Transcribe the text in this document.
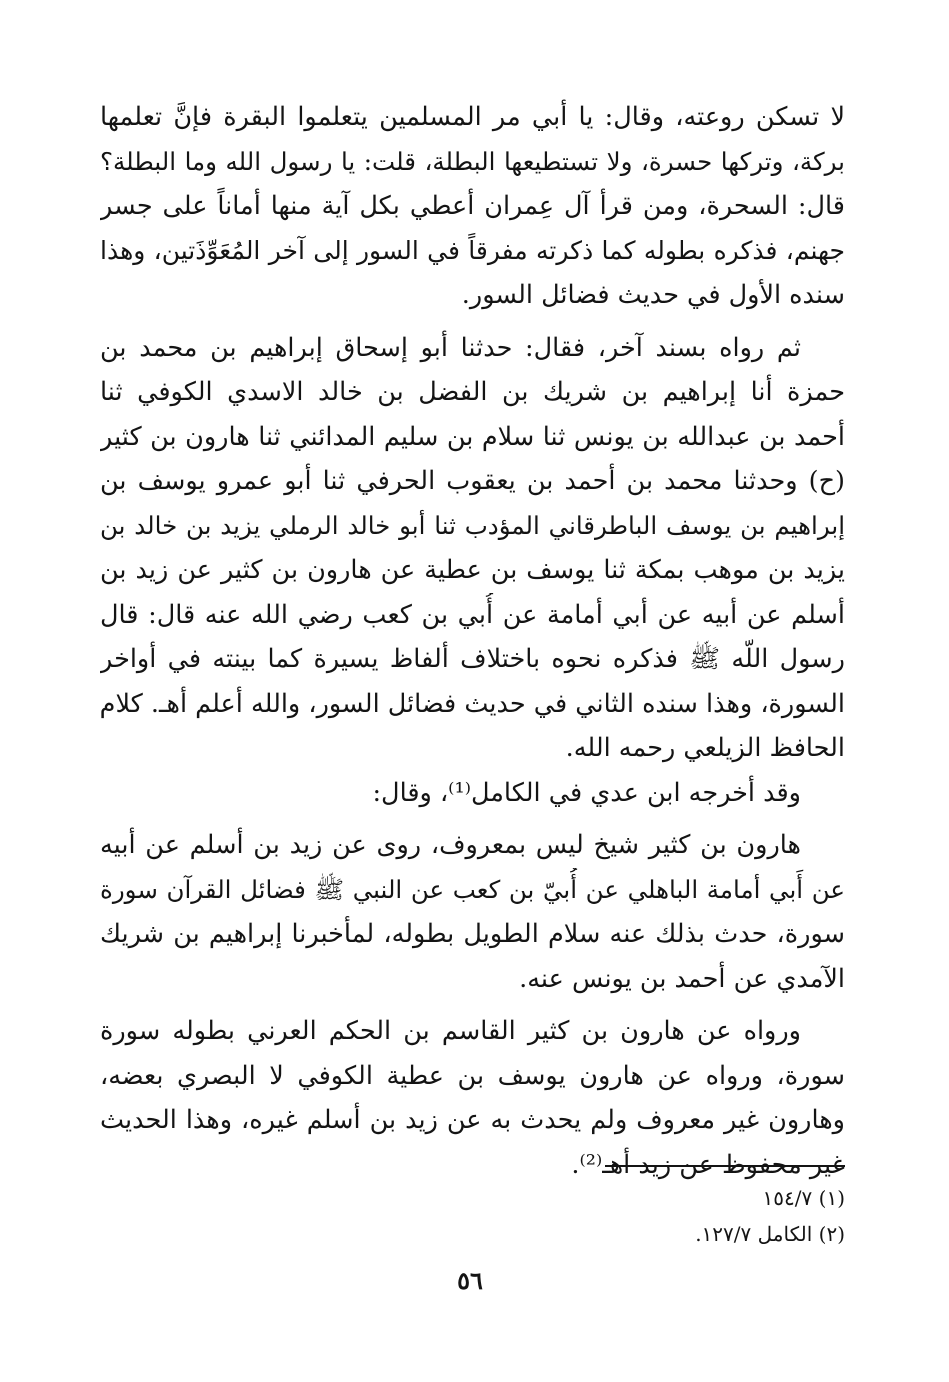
لا تسكن روعته، وقال: يا أبي مر المسلمين يتعلموا البقرة فإنَّ تعلمها
بركة، وتركها حسرة، ولا تستطيعها البطلة، قلت: يا رسول الله وما البطلة؟
قال: السحرة، ومن قرأ آل عِمران أعطي بكل آية منها أماناً على جسر
جهنم، فذكره بطوله كما ذكرته مفرقاً في السور إلى آخر المُعَوِّذَتين، وهذا
سنده الأول في حديث فضائل السور.
ثم رواه بسند آخر، فقال: حدثنا أبو إسحاق إبراهيم بن محمد بن
حمزة أنا إبراهيم بن شريك بن الفضل بن خالد الاسدي الكوفي ثنا
أحمد بن عبدالله بن يونس ثنا سلام بن سليم المدائني ثنا هارون بن كثير
(ح) وحدثنا محمد بن أحمد بن يعقوب الحرفي ثنا أبو عمرو يوسف بن
إبراهيم بن يوسف الباطرقاني المؤدب ثنا أبو خالد الرملي يزيد بن خالد بن
يزيد بن موهب بمكة ثنا يوسف بن عطية عن هارون بن كثير عن زيد بن
أسلم عن أبيه عن أبي أمامة عن أُبي بن كعب رضي الله عنه قال: قال
رسول اللّه ﷺ فذكره نحوه باختلاف ألفاظ يسيرة كما بينته في أواخر
السورة، وهذا سنده الثاني في حديث فضائل السور، والله أعلم أهـ. كلام
الحافظ الزيلعي رحمه الله.
وقد أخرجه ابن عدي في الكامل⁽¹⁾، وقال:
هارون بن كثير شيخ ليس بمعروف، روى عن زيد بن أسلم عن أبيه
عن أَبي أمامة الباهلي عن أُبيّ بن كعب عن النبي ﷺ فضائل القرآن سورة
سورة، حدث بذلك عنه سلام الطويل بطوله، لمأخبرنا إبراهيم بن شريك
الآمدي عن أحمد بن يونس عنه.
ورواه عن هارون بن كثير القاسم بن الحكم العرني بطوله سورة
سورة، ورواه عن هارون يوسف بن عطية الكوفي لا البصري بعضه،
وهارون غير معروف ولم يحدث به عن زيد بن أسلم غيره، وهذا الحديث
غير محفوظ عن زيد أهـ⁽²⁾.
(١) ١٥٤/٧
(٢) الكامل ١٢٧/٧.
٥٦
